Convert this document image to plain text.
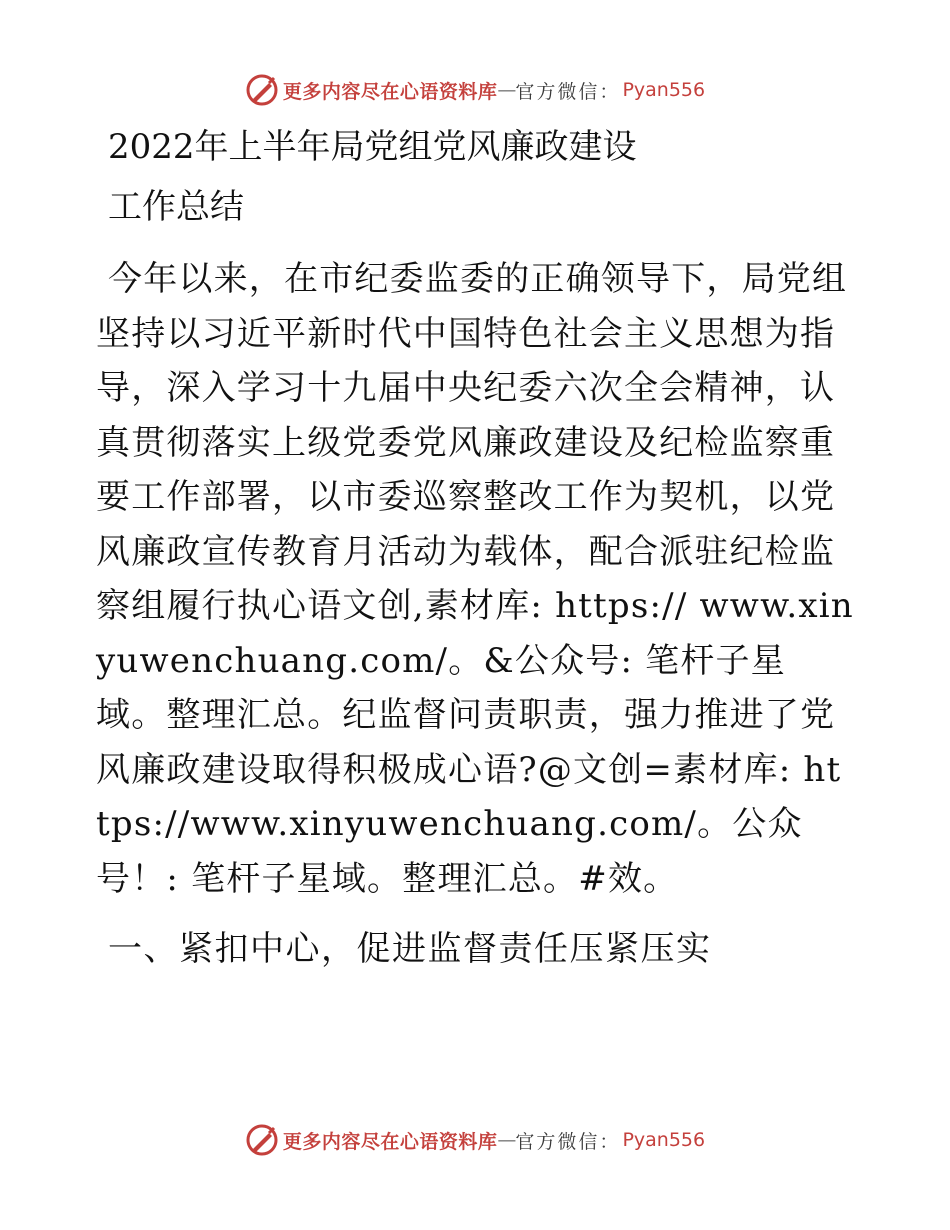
更多内容尽在心语资料库 — 官方微信： Pyan556
2022年上半年局党组党风廉政建设
工作总结

今年以来，在市纪委监委的正确领导下，局党组坚持以习近平新时代中国特色社会主义思想为指导，深入学习十九届中央纪委六次全会精神，认真贯彻落实上级党委党风廉政建设及纪检监察重要工作部署，以市委巡察整改工作为契机，以党风廉政宣传教育月活动为载体，配合派驻纪检监察组履行执心语文创,素材库: https:// www.xinyuwenchuang.com/。&公众号: 笔杆子星域。整理汇总。纪监督问责职责，强力推进了党风廉政建设取得积极成心语?@文创=素材库: https://www.xinyuwenchuang.com/。公众号！: 笔杆子星域。整理汇总。#效。

一、紧扣中心，促进监督责任压紧压实
更多内容尽在心语资料库 — 官方微信： Pyan556
